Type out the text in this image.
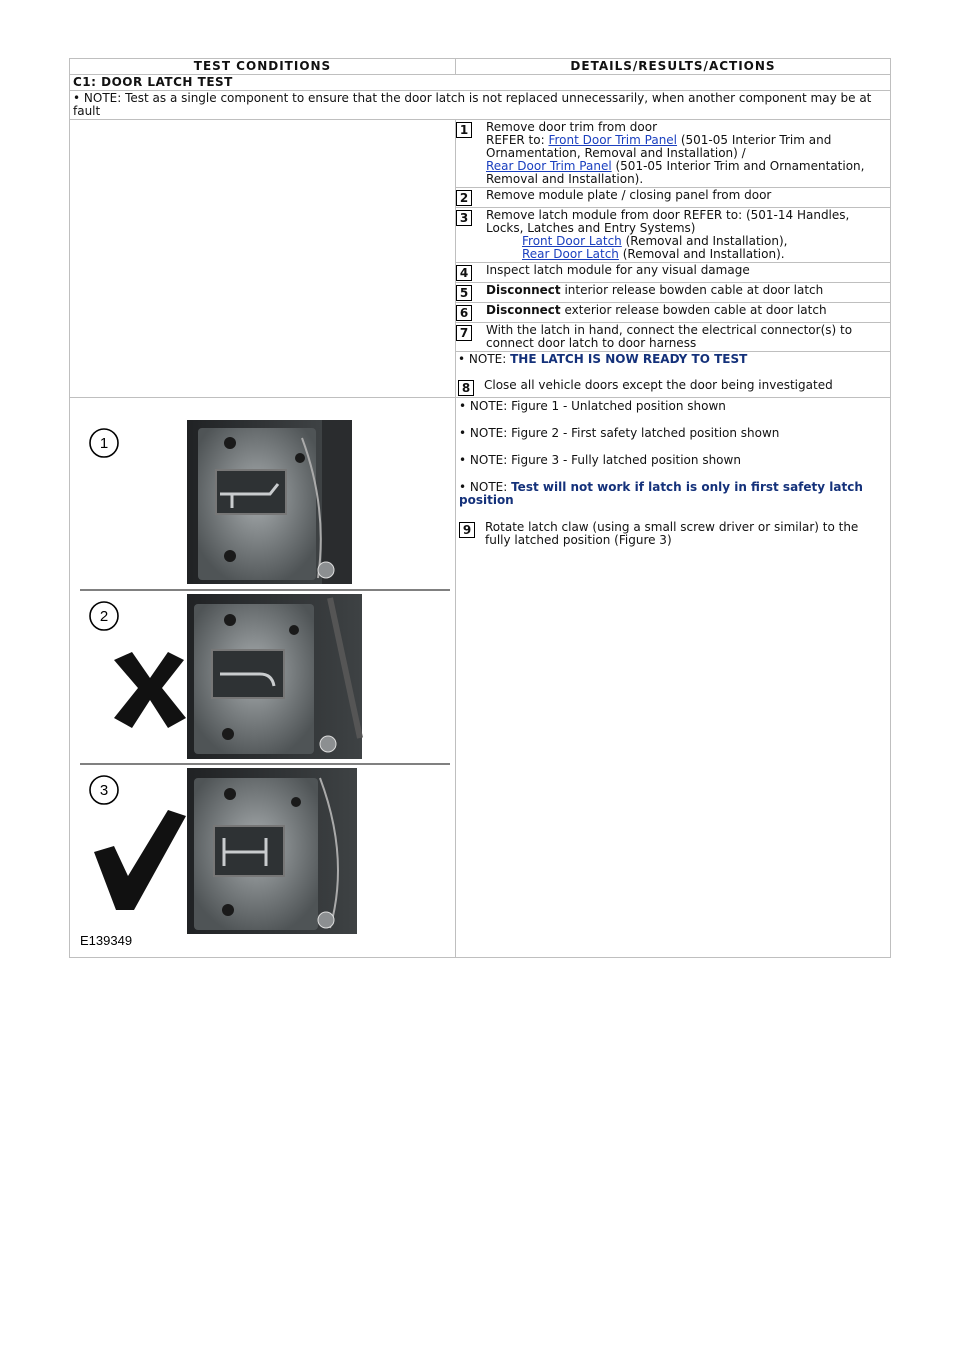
TEST CONDITIONS	DETAILS/RESULTS/ACTIONS
C1: DOOR LATCH TEST
• NOTE: Test as a single component to ensure that the door latch is not replaced unnecessarily, when another component may be at fault

1	Remove door trim from door
REFER to: Front Door Trim Panel (501-05 Interior Trim and Ornamentation, Removal and Installation) /
Rear Door Trim Panel (501-05 Interior Trim and Ornamentation, Removal and Installation).
2	Remove module plate / closing panel from door
3	Remove latch module from door REFER to: (501-14 Handles, Locks, Latches and Entry Systems)
Front Door Latch (Removal and Installation),
Rear Door Latch (Removal and Installation).

4	Inspect latch module for any visual damage
5	Disconnect interior release bowden cable at door latch
6	Disconnect exterior release bowden cable at door latch
7	With the latch in hand, connect the electrical connector(s) to connect door latch to door harness

• NOTE: THE LATCH IS NOW READY TO TEST
8	Close all vehicle doors except the door being investigated

1
2
3
E139349

• NOTE: Figure 1 - Unlatched position shown

• NOTE: Figure 2 - First safety latched position shown

• NOTE: Figure 3 - Fully latched position shown

• NOTE: Test will not work if latch is only in first safety latch position

9	Rotate latch claw (using a small screw driver or similar) to the fully latched position (Figure 3)
